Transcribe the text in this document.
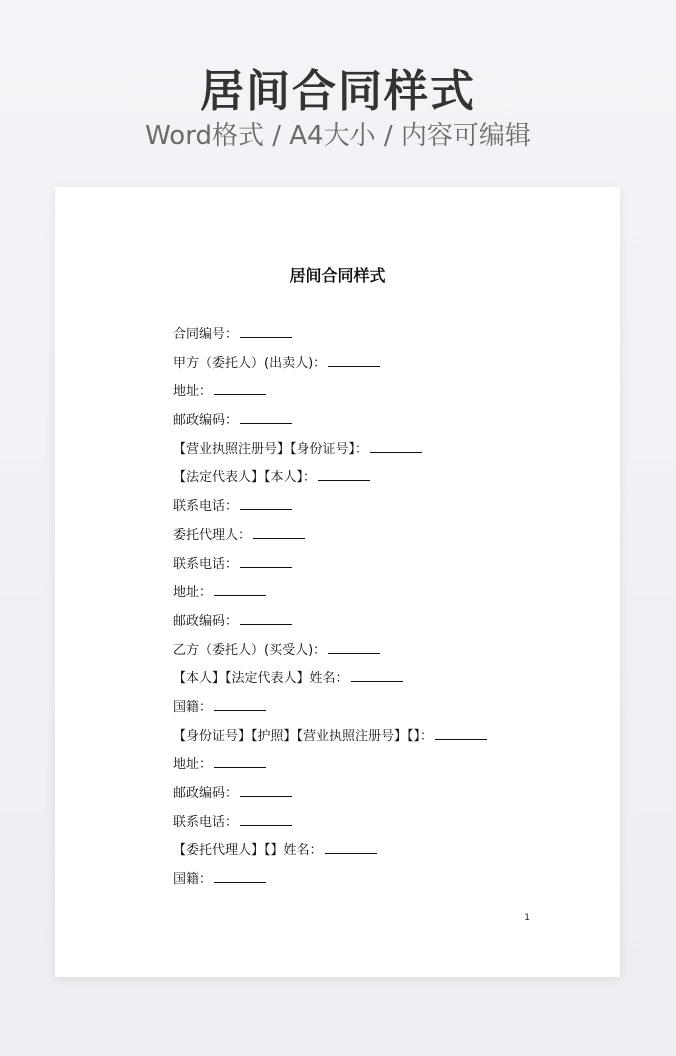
居间合同样式
Word格式 / A4大小 / 内容可编辑
居间合同样式
合同编号：
甲方（委托人）(出卖人)：
地址：
邮政编码：
【营业执照注册号】【身份证号】：
【法定代表人】【本人】：
联系电话：
委托代理人：
联系电话：
地址：
邮政编码：
乙方（委托人）(买受人)：
【本人】【法定代表人】姓名：
国籍：
【身份证号】【护照】【营业执照注册号】【】：
地址：
邮政编码：
联系电话：
【委托代理人】【】姓名：
国籍：
1
